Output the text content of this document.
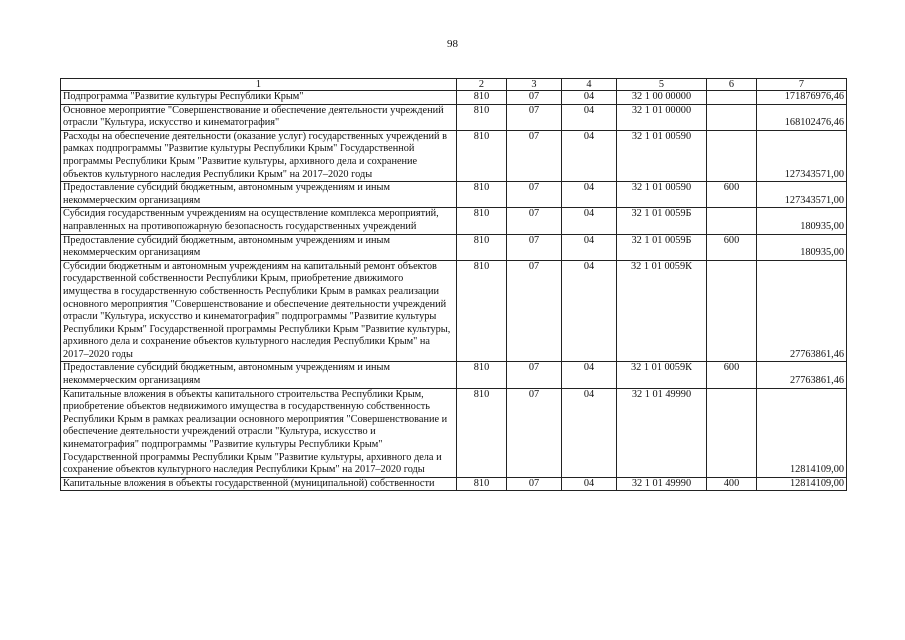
98
1	2	3	4	5	6	7
Подпрограмма "Развитие культуры Республики Крым"	810	07	04	32 1 00 00000		171876976,46
Основное мероприятие "Совершенствование и обеспечение деятельности учреждений отрасли "Культура, искусство и кинематография"	810	07	04	32 1 01 00000		168102476,46
Расходы на обеспечение деятельности (оказание услуг) государственных учреждений в рамках подпрограммы "Развитие культуры Республики Крым" Государственной программы Республики Крым "Развитие культуры, архивного дела и сохранение объектов культурного наследия Республики Крым" на 2017–2020 годы	810	07	04	32 1 01 00590		127343571,00
Предоставление субсидий бюджетным, автономным учреждениям и иным некоммерческим организациям	810	07	04	32 1 01 00590	600	127343571,00
Субсидия государственным учреждениям на осуществление комплекса мероприятий, направленных на противопожарную безопасность государственных учреждений	810	07	04	32 1 01 0059Б		180935,00
Предоставление субсидий бюджетным, автономным учреждениям и иным некоммерческим организациям	810	07	04	32 1 01 0059Б	600	180935,00
Субсидии бюджетным и автономным учреждениям на капитальный ремонт объектов государственной собственности Республики Крым, приобретение движимого имущества в государственную собственность Республики Крым в рамках реализации основного мероприятия "Совершенствование и обеспечение деятельности учреждений отрасли "Культура, искусство и кинематография" подпрограммы "Развитие культуры Республики Крым" Государственной программы Республики Крым "Развитие культуры, архивного дела и сохранение объектов культурного наследия Республики Крым" на 2017–2020 годы	810	07	04	32 1 01 0059К		27763861,46
Предоставление субсидий бюджетным, автономным учреждениям и иным некоммерческим организациям	810	07	04	32 1 01 0059К	600	27763861,46
Капитальные вложения в объекты капитального строительства Республики Крым, приобретение объектов недвижимого имущества в государственную собственность Республики Крым в рамках реализации основного мероприятия "Совершенствование и обеспечение деятельности учреждений отрасли "Культура, искусство и кинематография" подпрограммы "Развитие культуры Республики Крым" Государственной программы Республики Крым "Развитие культуры, архивного дела и сохранение объектов культурного наследия Республики Крым" на 2017–2020 годы	810	07	04	32 1 01 49990		12814109,00
Капитальные вложения в объекты государственной (муниципальной) собственности	810	07	04	32 1 01 49990	400	12814109,00
